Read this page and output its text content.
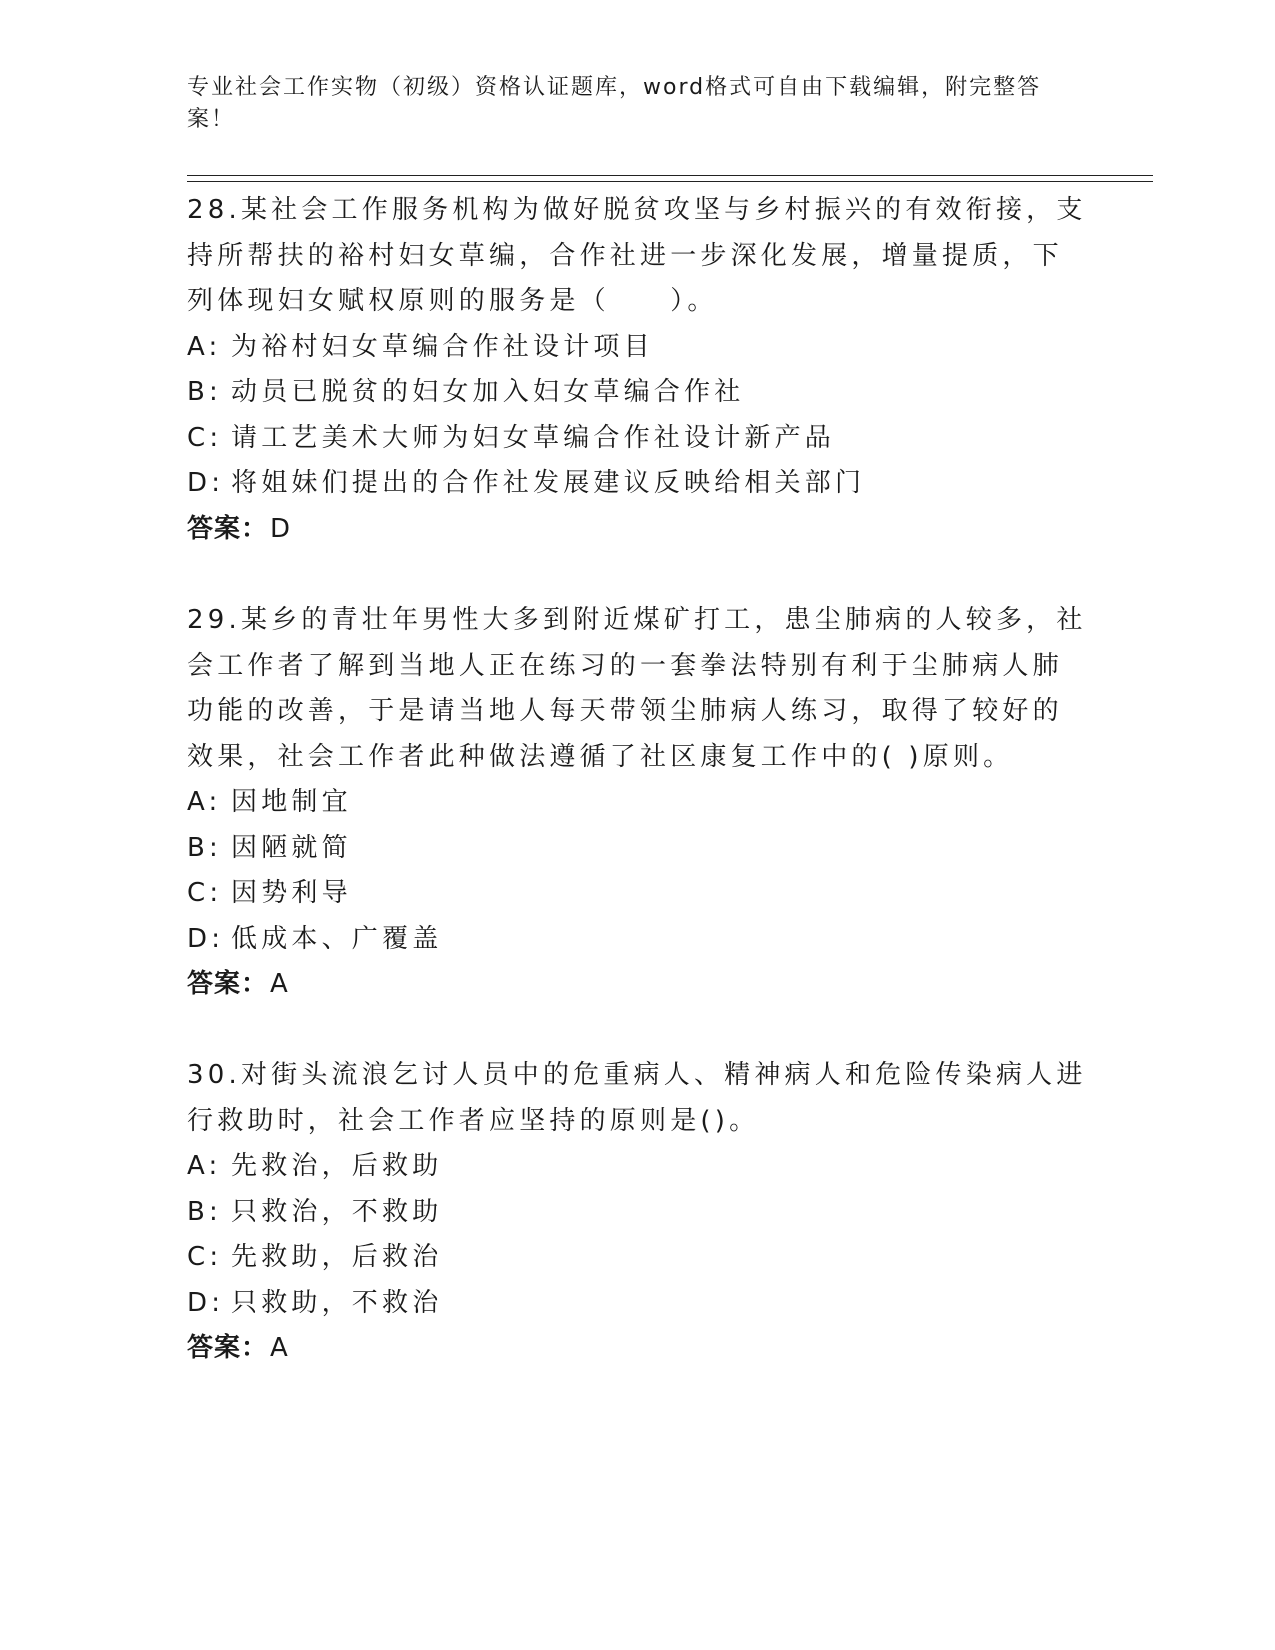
专业社会工作实物（初级）资格认证题库，word格式可自由下载编辑，附完整答案！

28.某社会工作服务机构为做好脱贫攻坚与乡村振兴的有效衔接，支持所帮扶的裕村妇女草编，合作社进一步深化发展，增量提质，下列体现妇女赋权原则的服务是（　　）。

A: 为裕村妇女草编合作社设计项目

B: 动员已脱贫的妇女加入妇女草编合作社

C: 请工艺美术大师为妇女草编合作社设计新产品

D: 将姐妹们提出的合作社发展建议反映给相关部门

答案：D

29.某乡的青壮年男性大多到附近煤矿打工，患尘肺病的人较多，社会工作者了解到当地人正在练习的一套拳法特别有利于尘肺病人肺功能的改善，于是请当地人每天带领尘肺病人练习，取得了较好的效果，社会工作者此种做法遵循了社区康复工作中的( )原则。

A: 因地制宜

B: 因陋就简

C: 因势利导

D: 低成本、广覆盖

答案：A

30.对街头流浪乞讨人员中的危重病人、精神病人和危险传染病人进行救助时，社会工作者应坚持的原则是()。

A: 先救治，后救助

B: 只救治，不救助

C: 先救助，后救治

D: 只救助，不救治

答案：A
